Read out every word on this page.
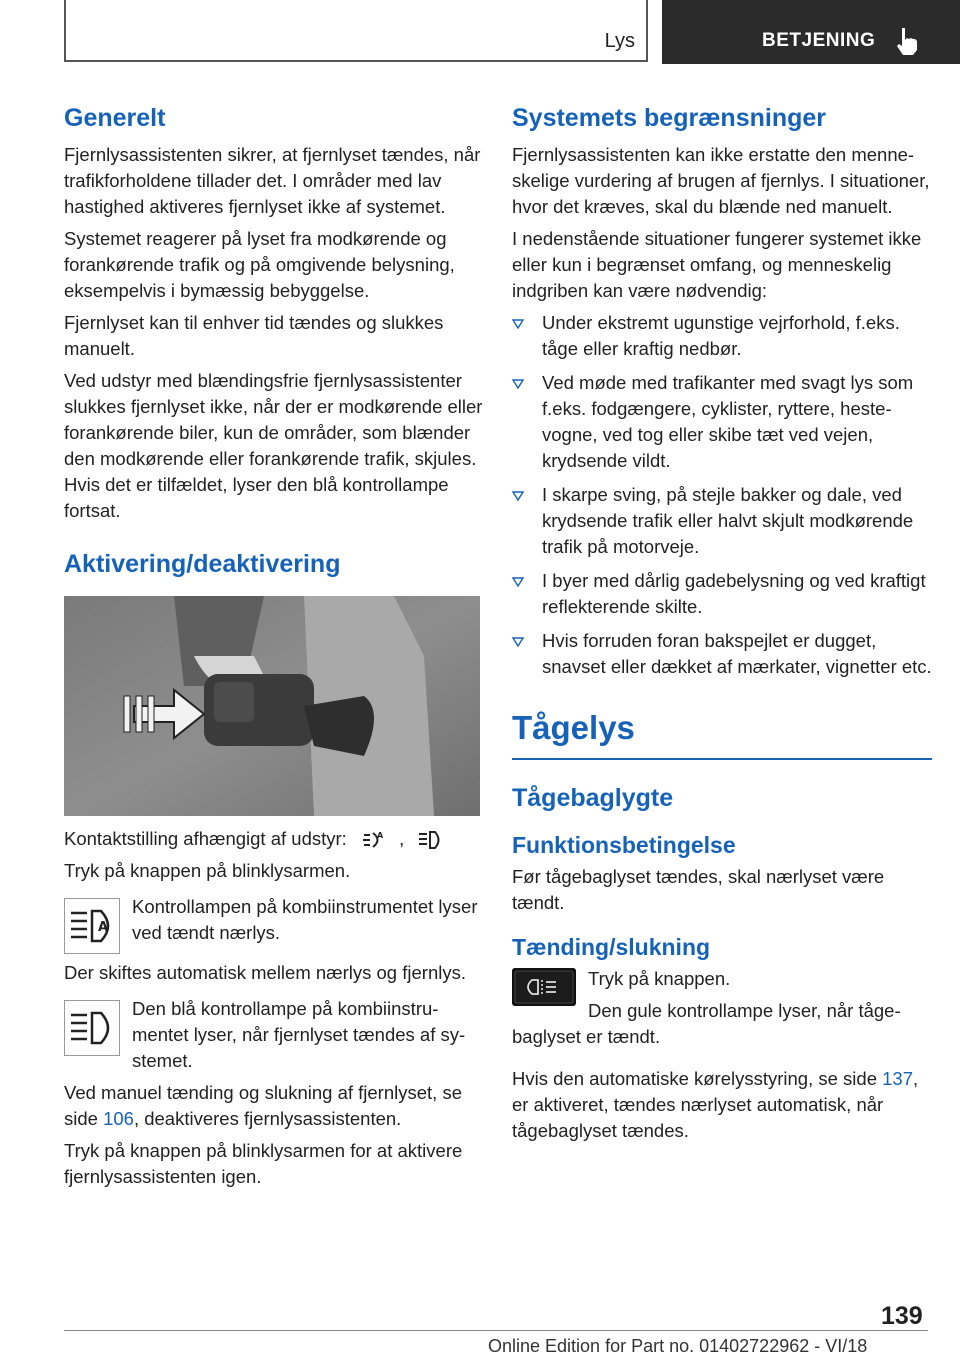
Lys	BETJENING
Generelt

Fjernlysassistenten sikrer, at fjernlyset tændes, når trafikforholdene tillader det. I områder med lav hastighed aktiveres fjernlyset ikke af systemet.

Systemet reagerer på lyset fra modkørende og forankørende trafik og på omgivende belysning, eksempelvis i bymæssig bebyggelse.

Fjernlyset kan til enhver tid tændes og slukkes manuelt.

Ved udstyr med blændingsfrie fjernlysassistenter slukkes fjernlyset ikke, når der er modkørende eller forankørende biler, kun de områder, som blænder den modkørende eller forankørende trafik, skjules. Hvis det er tilfældet, lyser den blå kontrollampe fortsat.

Aktivering/deaktivering

Kontaktstilling afhængigt af udstyr:	A ,

Tryk på knappen på blinklysarmen.

A
Kontrollampen på kombiinstrumentet lyser ved tændt nærlys.

Der skiftes automatisk mellem nærlys og fjernlys.

Den blå kontrollampe på kombiinstrumentet lyser, når fjernlyset tændes af systemet.

Ved manuel tænding og slukning af fjernlyset, se side 106, deaktiveres fjernlysassistenten.

Tryk på knappen på blinklysarmen for at aktivere fjernlysassistenten igen.

Systemets begrænsninger

Fjernlysassistenten kan ikke erstatte den menneskelige vurdering af brugen af fjernlys. I situationer, hvor det kræves, skal du blænde ned manuelt.

I nedenstående situationer fungerer systemet ikke eller kun i begrænset omfang, og menneskelig indgriben kan være nødvendig:

Under ekstremt ugunstige vejrforhold, f.eks. tåge eller kraftig nedbør.
Ved møde med trafikanter med svagt lys som f.eks. fodgængere, cyklister, ryttere, hestevogne, ved tog eller skibe tæt ved vejen, krydsende vildt.
I skarpe sving, på stejle bakker og dale, ved krydsende trafik eller halvt skjult modkørende trafik på motorveje.
I byer med dårlig gadebelysning og ved kraftigt reflekterende skilte.
Hvis forruden foran bakspejlet er dugget, snavset eller dækket af mærkater, vignetter etc.
Tågelys
Tågebaglygte
Funktionsbetingelse

Før tågebaglyset tændes, skal nærlyset være tændt.

Tænding/slukning

Tryk på knappen.

Den gule kontrollampe lyser, når tågebaglyset er tændt.

Hvis den automatiske kørelysstyring, se side 137, er aktiveret, tændes nærlyset automatisk, når tågebaglyset tændes.

139
Online Edition for Part no. 01402722962 - VI/18
